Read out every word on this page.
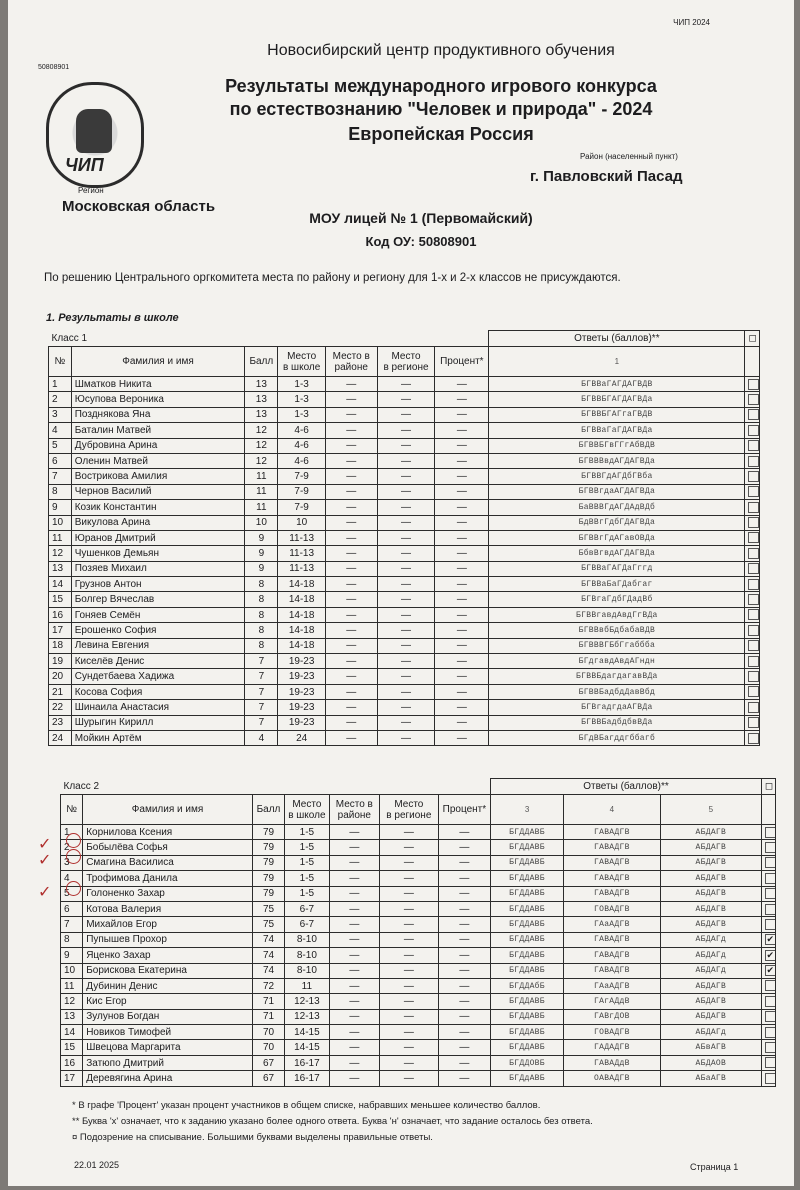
ЧИП 2024
50808901
ЧИП
Новосибирский центр продуктивного обучения
Результаты международного игрового конкурса
по естествознанию "Человек и природа" - 2024
Европейская Россия
Район (населенный пункт)
г. Павловский Пасад
Регион
Московская область
МОУ лицей № 1 (Первомайский)
Код ОУ: 50808901
По решению Центрального оргкомитета места по району и региону для 1-х и 2-х классов не присуждаются.
1. Результаты в школе
Класс 1							Ответы (баллов)**	◻
№	Фамилия и имя	Балл	Место
в школе	Место в
районе	Место
в регионе	Процент*	1	
1	Шматков Никита	13	1-3	—	—	—	БГВВаГАГДАГВДВ	
2	Юсупова Вероника	13	1-3	—	—	—	БГВВБГАГДАГВДа	
3	Позднякова Яна	13	1-3	—	—	—	БГВВБГАГгаГВДВ	
4	Баталин Матвей	12	4-6	—	—	—	БГВВаГаГДАГВДа	
5	Дубровина Арина	12	4-6	—	—	—	БГВВБГвГГгАбВДВ	
6	Оленин Матвей	12	4-6	—	—	—	БГВВВвдАГДАГВДа	
7	Вострикова Амилия	11	7-9	—	—	—	БГВВГдАГДбГВба	
8	Чернов Василий	11	7-9	—	—	—	БГВВгдаАГДАГВДа	
9	Козик Константин	11	7-9	—	—	—	БаВВВГдАГДАдВДб	
10	Викулова Арина	10	10	—	—	—	БдВВгГдбГДАГВДа	
11	Юранов Дмитрий	9	11-13	—	—	—	БГВВгГдАГавОВДа	
12	Чушенков Демьян	9	11-13	—	—	—	БбвВгвдАГДАГВДа	
13	Позяев Михаил	9	11-13	—	—	—	БГВВаГАГДаГггд	
14	Грузнов Антон	8	14-18	—	—	—	БГВВаБаГДабгаг	
15	Болгер Вячеслав	8	14-18	—	—	—	БГВгаГдбГДадВб	
16	Гоняев Семён	8	14-18	—	—	—	БГВВгавдАвдГгВДа	
17	Ерошенко София	8	14-18	—	—	—	БГВВвбБдбабаВДВ	
18	Левина Евгения	8	14-18	—	—	—	БГВВВГБбГгаббба	
19	Киселёв Денис	7	19-23	—	—	—	БГдгавдАвдАГндн	
20	Сундетбаева Хадижа	7	19-23	—	—	—	БГВВБдагдагавВДа	
21	Косова София	7	19-23	—	—	—	БГВВБадбдДавВбд	
22	Шинаила Анастасия	7	19-23	—	—	—	БГВгадгдаАГВДа	
23	Шурыгин Кирилл	7	19-23	—	—	—	БГВВБадбдбвВДа	
24	Мойкин Артём	4	24	—	—	—	БГдВБагддгббагб	
Класс 2							Ответы (баллов)**			◻
№	Фамилия и имя	Балл	Место
в школе	Место в
районе	Место
в регионе	Процент*	3	4	5	
1	Корнилова Ксения	79	1-5	—	—	—	БГДДАВБ	ГАВАДГВ	АБДАГВ	
2	Бобылёва Софья	79	1-5	—	—	—	БГДДАВБ	ГАВАДГВ	АБДАГВ	
3	Смагина Василиса	79	1-5	—	—	—	БГДДАВБ	ГАВАДГВ	АБДАГВ	
4	Трофимова Данила	79	1-5	—	—	—	БГДДАВБ	ГАВАДГВ	АБДАГВ	
5	Голоненко Захар	79	1-5	—	—	—	БГДДАВБ	ГАВАДГВ	АБДАГВ	
6	Котова Валерия	75	6-7	—	—	—	БГДДАВБ	ГОВАДГВ	АБДАГВ	
7	Михайлов Егор	75	6-7	—	—	—	БГДДАВБ	ГАаАДГВ	АБДАГВ	
8	Пупышев Прохор	74	8-10	—	—	—	БГДДАВБ	ГАВАДГВ	АБДАГд	✔
9	Яценко Захар	74	8-10	—	—	—	БГДДАВБ	ГАВАДГВ	АБДАГд	✔
10	Борискова Екатерина	74	8-10	—	—	—	БГДДАВБ	ГАВАДГВ	АБДАГд	✔
11	Дубинин Денис	72	11	—	—	—	БГДДАбБ	ГАаАДГВ	АБДАГВ	
12	Кис Егор	71	12-13	—	—	—	БГДДАВБ	ГАгАДдВ	АБДАГВ	
13	Зулунов Богдан	71	12-13	—	—	—	БГДДАВБ	ГАВгДОВ	АБДАГВ	
14	Новиков Тимофей	70	14-15	—	—	—	БГДДАВБ	ГОВАДГВ	АБДАГд	
15	Швецова Маргарита	70	14-15	—	—	—	БГДДАВБ	ГАДАДГВ	АБвАГВ	
16	Затюпо Дмитрий	67	16-17	—	—	—	БГДДОВБ	ГАВАДдВ	АБДАОВ	
17	Деревягина Арина	67	16-17	—	—	—	БГДдАВБ	ОАВАДГВ	АБаАГВ	
✓
✓
✓
* В графе 'Процент' указан процент участников в общем списке, набравших меньшее количество баллов.
** Буква 'x' означает, что к заданию указано более одного ответа. Буква 'н' означает, что задание осталось без ответа.
¤ Подозрение на списывание. Большими буквами выделены правильные ответы.
22.01 2025	Страница 1
